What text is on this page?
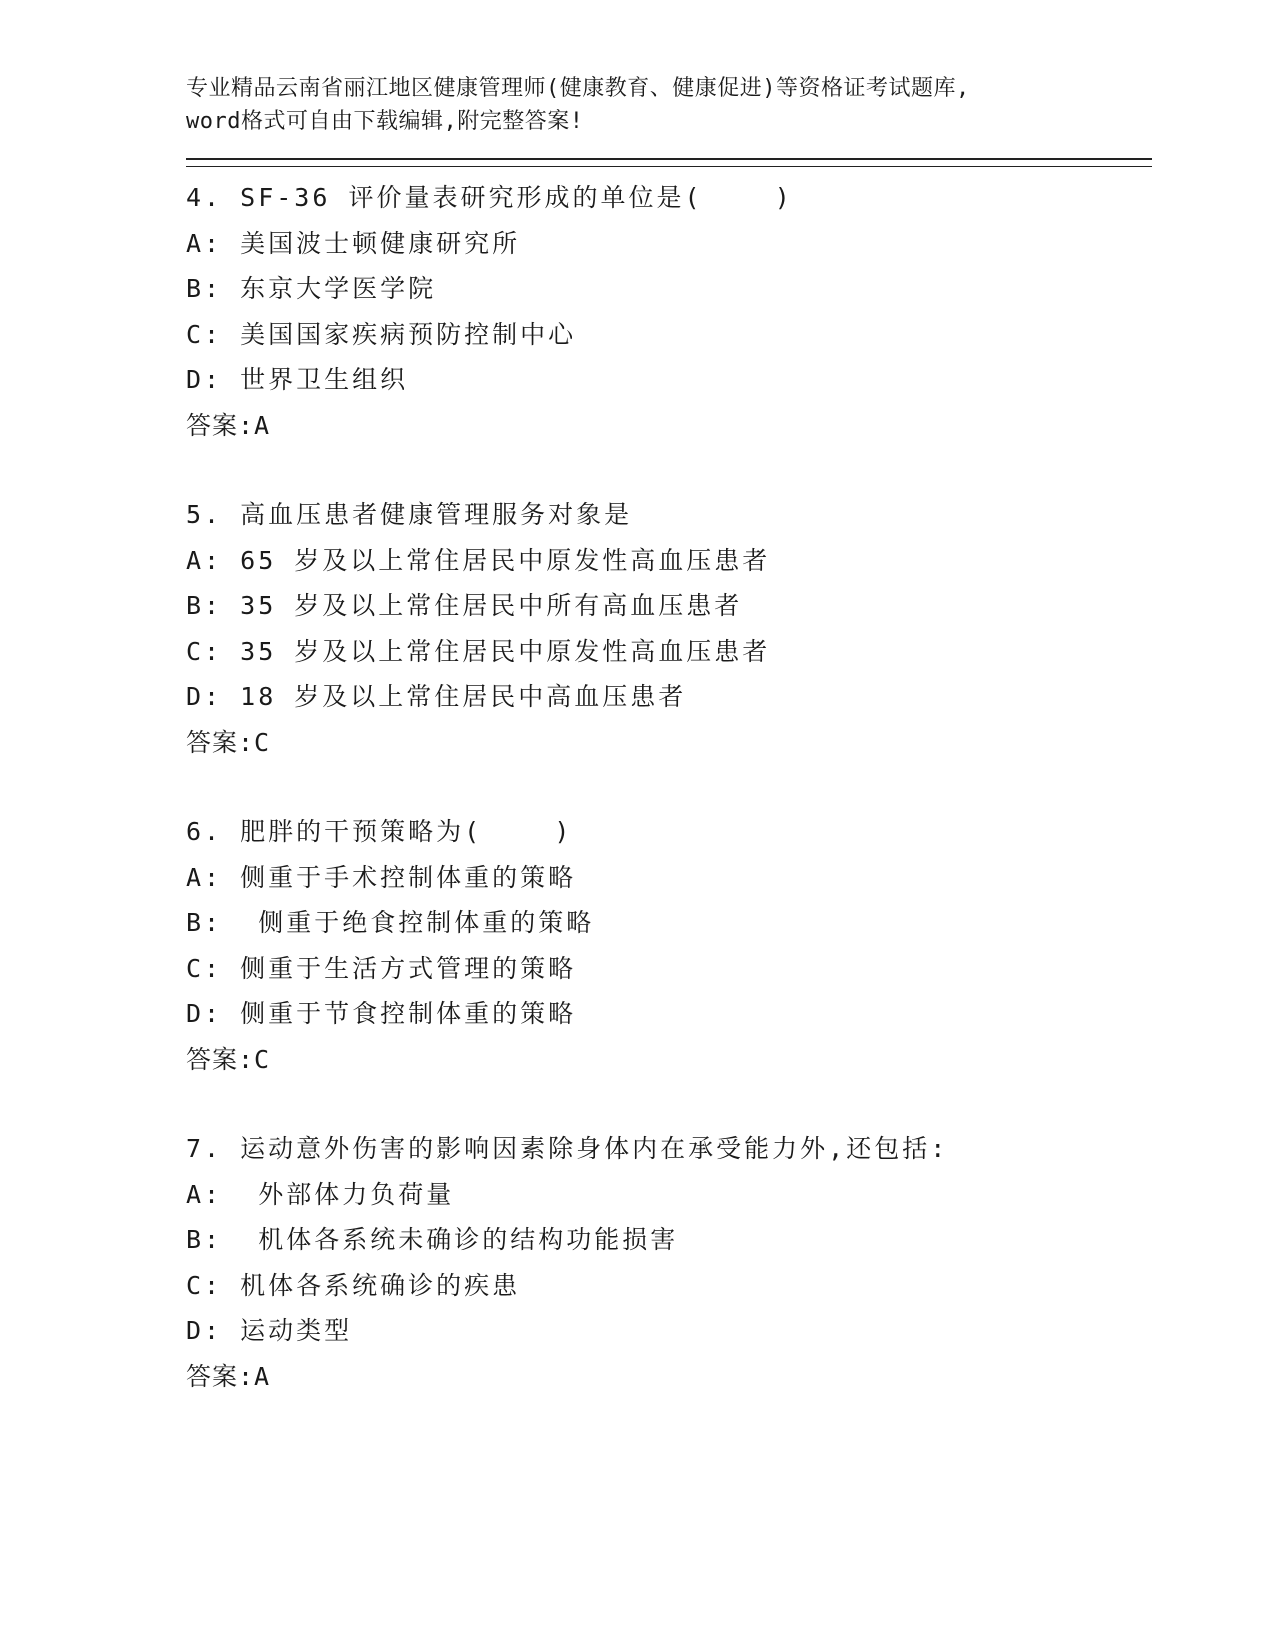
专业精品云南省丽江地区健康管理师(健康教育、健康促进)等资格证考试题库,

word格式可自由下载编辑,附完整答案!

4. SF-36 评价量表研究形成的单位是(    )

A: 美国波士顿健康研究所

B: 东京大学医学院

C: 美国国家疾病预防控制中心

D: 世界卫生组织

答案:A

5. 高血压患者健康管理服务对象是

A: 65 岁及以上常住居民中原发性高血压患者

B: 35 岁及以上常住居民中所有高血压患者

C: 35 岁及以上常住居民中原发性高血压患者

D: 18 岁及以上常住居民中高血压患者

答案:C

6. 肥胖的干预策略为(    )

A: 侧重于手术控制体重的策略

B:  侧重于绝食控制体重的策略

C: 侧重于生活方式管理的策略

D: 侧重于节食控制体重的策略

答案:C

7. 运动意外伤害的影响因素除身体内在承受能力外,还包括:

A:  外部体力负荷量

B:  机体各系统未确诊的结构功能损害

C: 机体各系统确诊的疾患

D: 运动类型

答案:A
